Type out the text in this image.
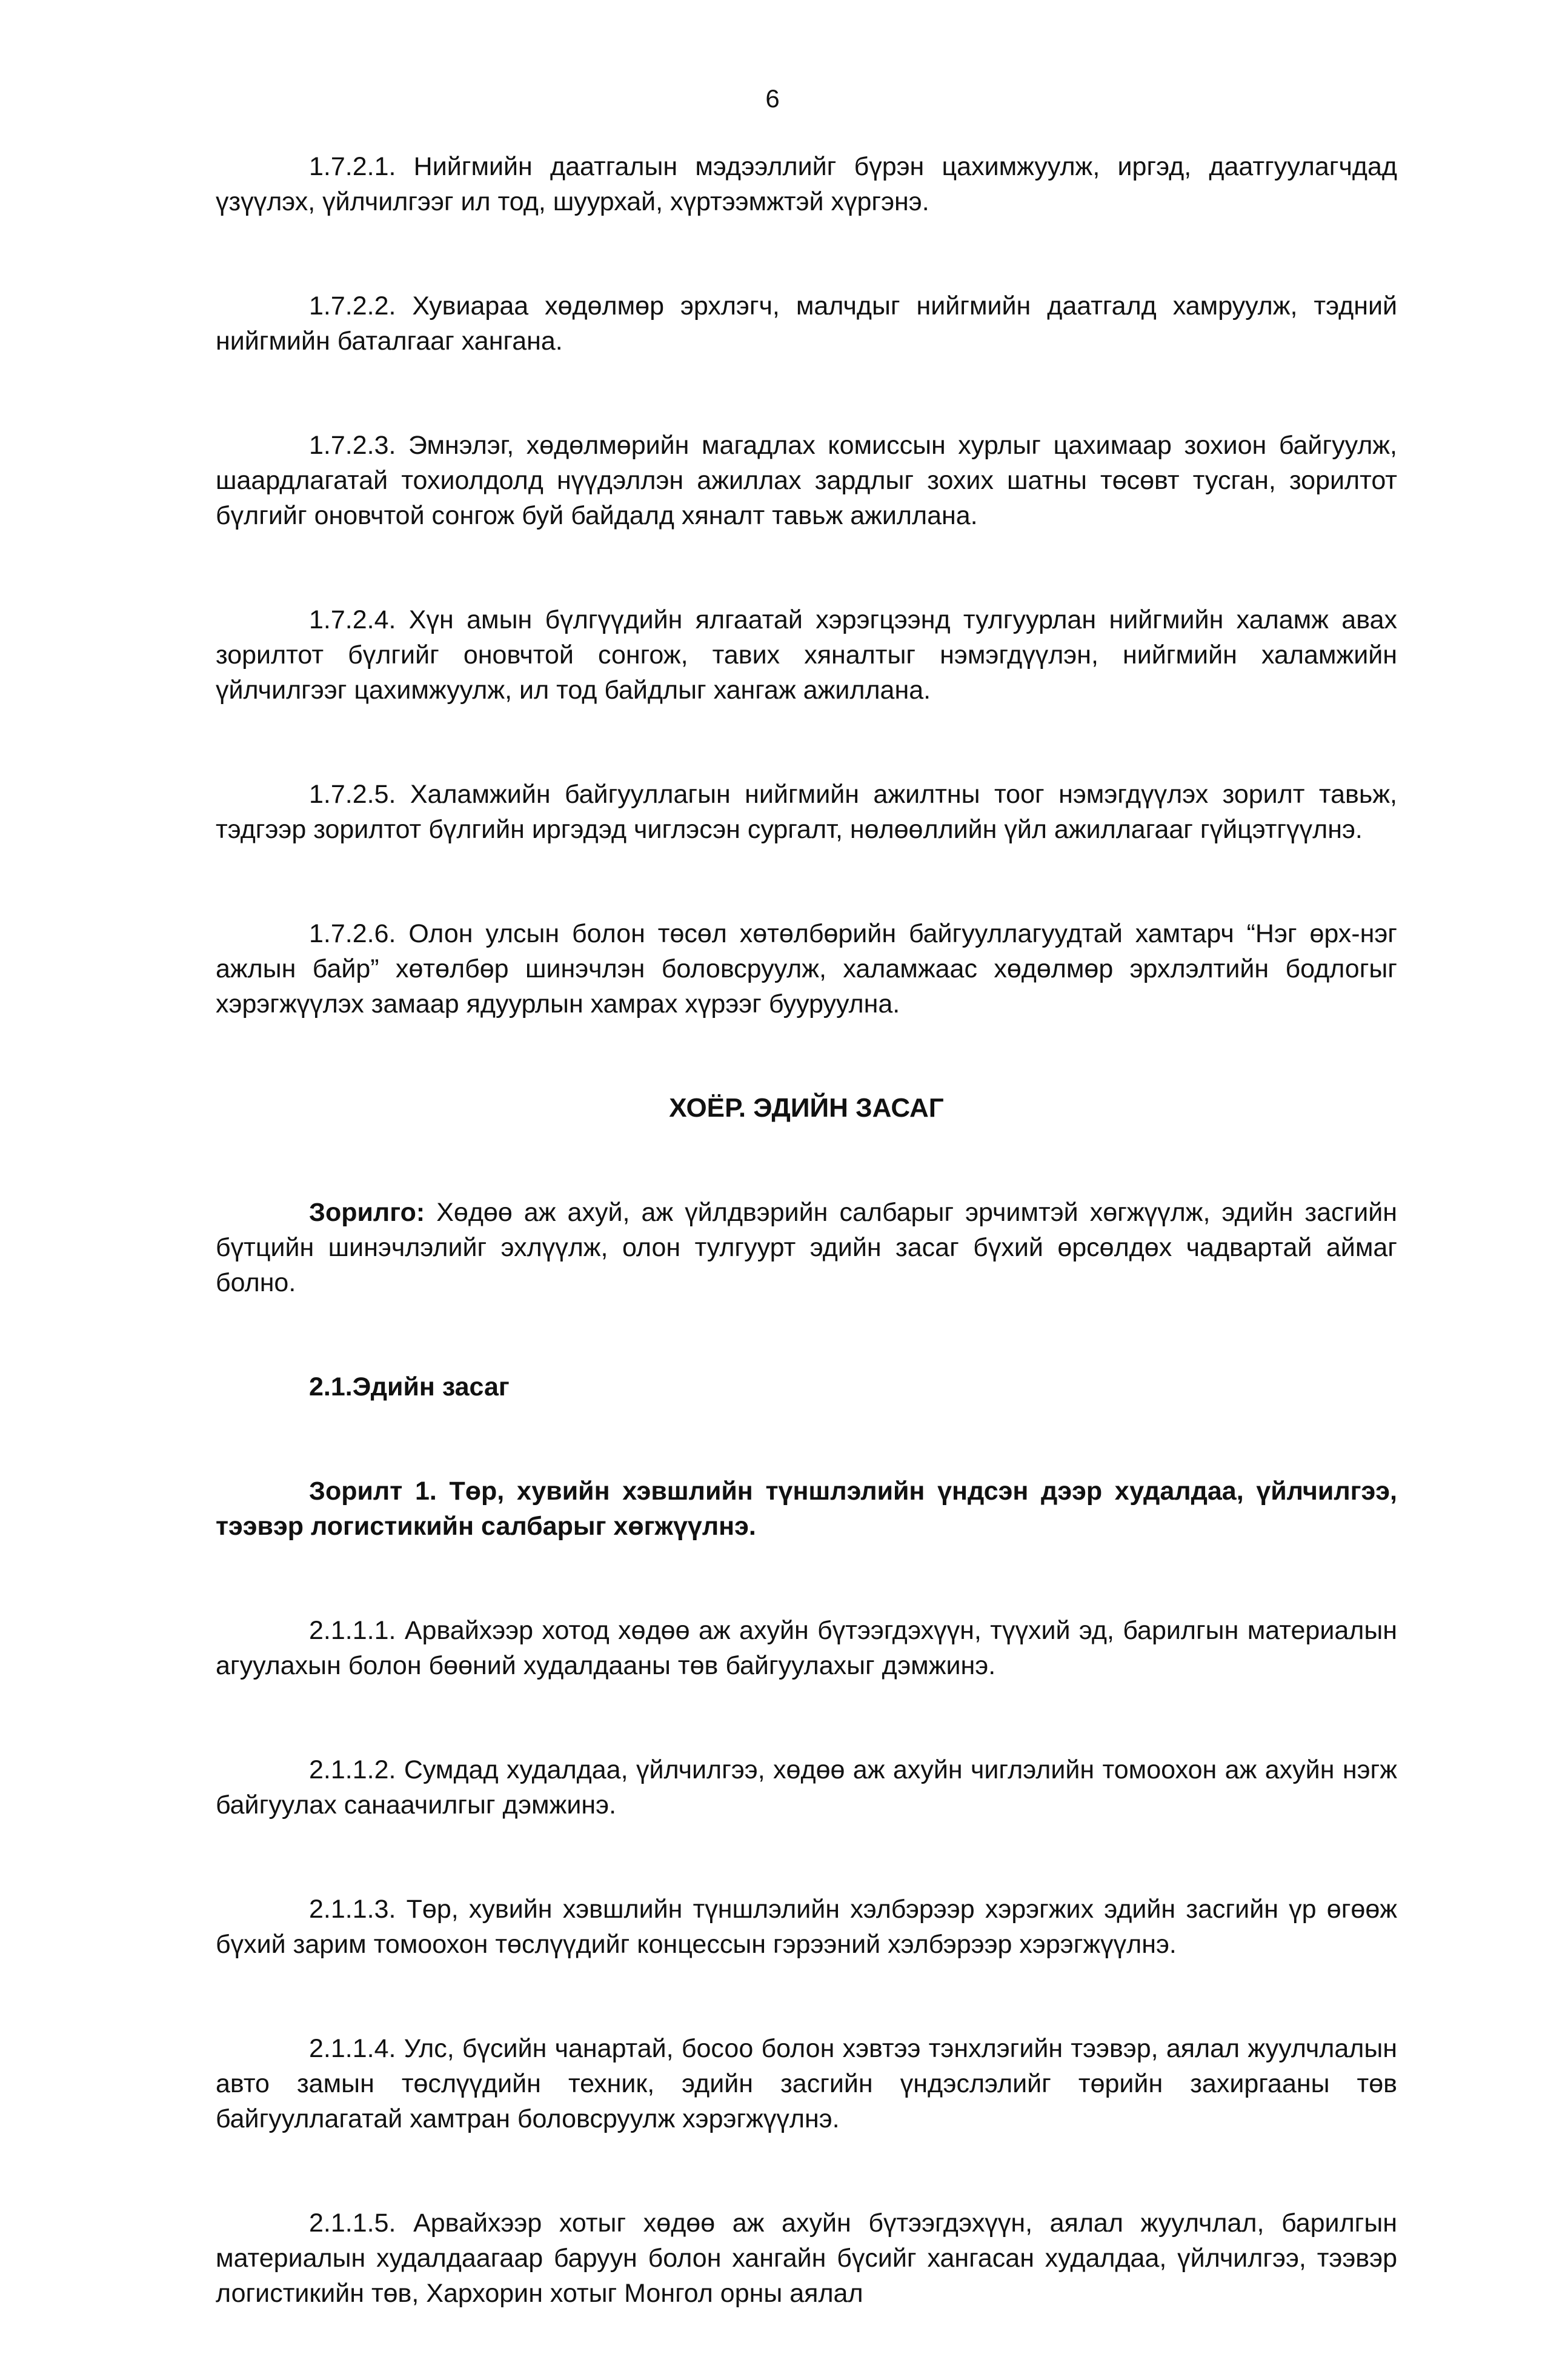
6

1.7.2.1. Нийгмийн даатгалын мэдээллийг бүрэн цахимжуулж, иргэд, даатгуулагчдад үзүүлэх, үйлчилгээг ил тод, шуурхай, хүртээмжтэй хүргэнэ.

1.7.2.2. Хувиараа хөдөлмөр эрхлэгч, малчдыг нийгмийн даатгалд хамруулж, тэдний нийгмийн баталгааг хангана.

1.7.2.3. Эмнэлэг, хөдөлмөрийн магадлах комиссын хурлыг цахимаар зохион байгуулж, шаардлагатай тохиолдолд нүүдэллэн ажиллах зардлыг зохих шатны төсөвт тусган, зорилтот бүлгийг оновчтой сонгож буй байдалд хяналт тавьж ажиллана.

1.7.2.4. Хүн амын бүлгүүдийн ялгаатай хэрэгцээнд тулгуурлан нийгмийн халамж авах зорилтот бүлгийг оновчтой сонгож, тавих хяналтыг нэмэгдүүлэн, нийгмийн халамжийн үйлчилгээг цахимжуулж, ил тод байдлыг хангаж ажиллана.

1.7.2.5. Халамжийн байгууллагын нийгмийн ажилтны тоог нэмэгдүүлэх зорилт тавьж, тэдгээр зорилтот бүлгийн иргэдэд чиглэсэн сургалт, нөлөөллийн үйл ажиллагааг гүйцэтгүүлнэ.

1.7.2.6. Олон улсын болон төсөл хөтөлбөрийн байгууллагуудтай хамтарч “Нэг өрх-нэг ажлын байр” хөтөлбөр шинэчлэн боловсруулж, халамжаас хөдөлмөр эрхлэлтийн бодлогыг хэрэгжүүлэх замаар ядуурлын хамрах хүрээг бууруулна.

ХОЁР. ЭДИЙН ЗАСАГ

Зорилго: Хөдөө аж ахуй, аж үйлдвэрийн салбарыг эрчимтэй хөгжүүлж, эдийн засгийн бүтцийн шинэчлэлийг эхлүүлж, олон тулгуурт эдийн засаг бүхий өрсөлдөх чадвартай аймаг болно.

2.1.Эдийн засаг

Зорилт 1. Төр, хувийн хэвшлийн түншлэлийн үндсэн дээр худалдаа, үйлчилгээ, тээвэр логистикийн салбарыг хөгжүүлнэ.

2.1.1.1. Арвайхээр хотод хөдөө аж ахуйн бүтээгдэхүүн, түүхий эд, барилгын материалын агуулахын болон бөөний худалдааны төв байгуулахыг дэмжинэ.

2.1.1.2. Сумдад худалдаа, үйлчилгээ, хөдөө аж ахуйн чиглэлийн томоохон аж ахуйн нэгж байгуулах санаачилгыг дэмжинэ.

2.1.1.3. Төр, хувийн хэвшлийн түншлэлийн хэлбэрээр хэрэгжих эдийн засгийн үр өгөөж бүхий зарим томоохон төслүүдийг концессын гэрээний хэлбэрээр хэрэгжүүлнэ.

2.1.1.4. Улс, бүсийн чанартай, босоо болон хэвтээ тэнхлэгийн тээвэр, аялал жуулчлалын авто замын төслүүдийн техник, эдийн засгийн үндэслэлийг төрийн захиргааны төв байгууллагатай хамтран боловсруулж хэрэгжүүлнэ.

2.1.1.5. Арвайхээр хотыг хөдөө аж ахуйн бүтээгдэхүүн, аялал жуулчлал, барилгын материалын худалдаагаар баруун болон хангайн бүсийг хангасан худалдаа, үйлчилгээ, тээвэр логистикийн төв, Хархорин хотыг Монгол орны аялал
